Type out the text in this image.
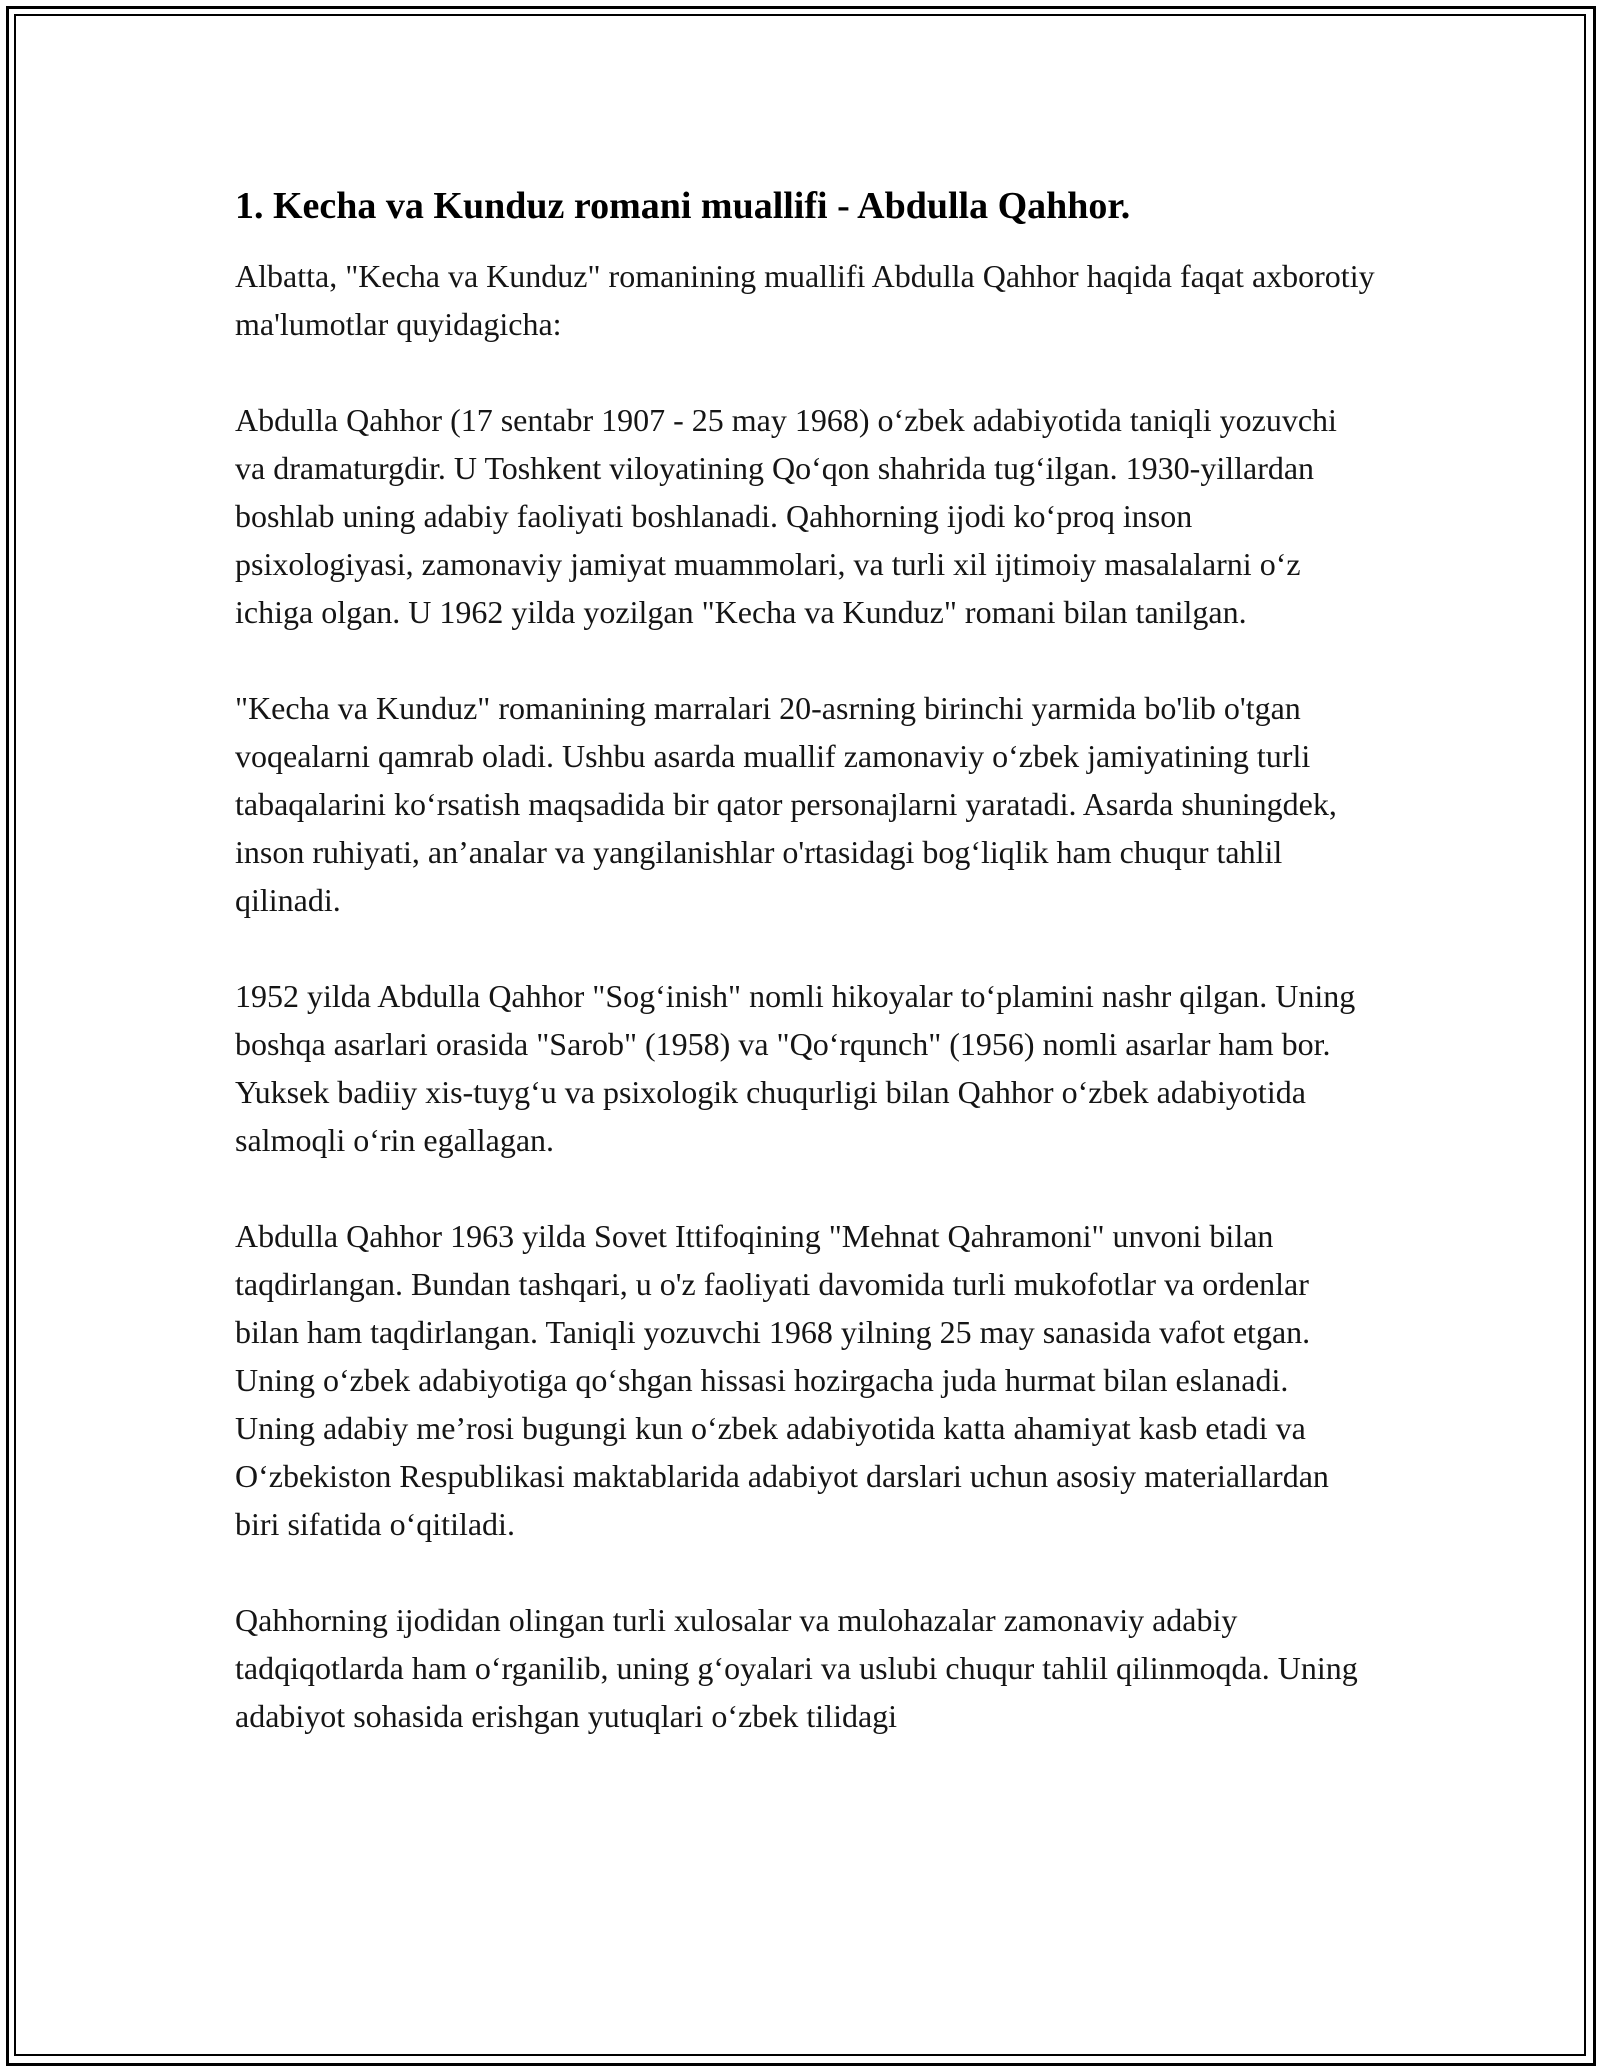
1. Kecha va Kunduz romani muallifi - Abdulla Qahhor.

Albatta, "Kecha va Kunduz" romanining muallifi Abdulla Qahhor haqida faqat axborotiy ma'lumotlar quyidagicha:

Abdulla Qahhor (17 sentabr 1907 - 25 may 1968) o‘zbek adabiyotida taniqli yozuvchi va dramaturgdir. U Toshkent viloyatining Qo‘qon shahrida tug‘ilgan. 1930-yillardan boshlab uning adabiy faoliyati boshlanadi. Qahhorning ijodi ko‘proq inson psixologiyasi, zamonaviy jamiyat muammolari, va turli xil ijtimoiy masalalarni o‘z ichiga olgan. U 1962 yilda yozilgan "Kecha va Kunduz" romani bilan tanilgan.

"Kecha va Kunduz" romanining marralari 20-asrning birinchi yarmida bo'lib o'tgan voqealarni qamrab oladi. Ushbu asarda muallif zamonaviy o‘zbek jamiyatining turli tabaqalarini ko‘rsatish maqsadida bir qator personajlarni yaratadi. Asarda shuningdek, inson ruhiyati, an’analar va yangilanishlar o'rtasidagi bog‘liqlik ham chuqur tahlil qilinadi.

1952 yilda Abdulla Qahhor "Sog‘inish" nomli hikoyalar to‘plamini nashr qilgan. Uning boshqa asarlari orasida "Sarob" (1958) va "Qo‘rqunch" (1956) nomli asarlar ham bor. Yuksek badiiy xis-tuyg‘u va psixologik chuqurligi bilan Qahhor o‘zbek adabiyotida salmoqli o‘rin egallagan.

Abdulla Qahhor 1963 yilda Sovet Ittifoqining "Mehnat Qahramoni" unvoni bilan taqdirlangan. Bundan tashqari, u o'z faoliyati davomida turli mukofotlar va ordenlar bilan ham taqdirlangan. Taniqli yozuvchi 1968 yilning 25 may sanasida vafot etgan. Uning o‘zbek adabiyotiga qo‘shgan hissasi hozirgacha juda hurmat bilan eslanadi. Uning adabiy me’rosi bugungi kun o‘zbek adabiyotida katta ahamiyat kasb etadi va O‘zbekiston Respublikasi maktablarida adabiyot darslari uchun asosiy materiallardan biri sifatida o‘qitiladi.

Qahhorning ijodidan olingan turli xulosalar va mulohazalar zamonaviy adabiy tadqiqotlarda ham o‘rganilib, uning g‘oyalari va uslubi chuqur tahlil qilinmoqda. Uning adabiyot sohasida erishgan yutuqlari o‘zbek tilidagi
